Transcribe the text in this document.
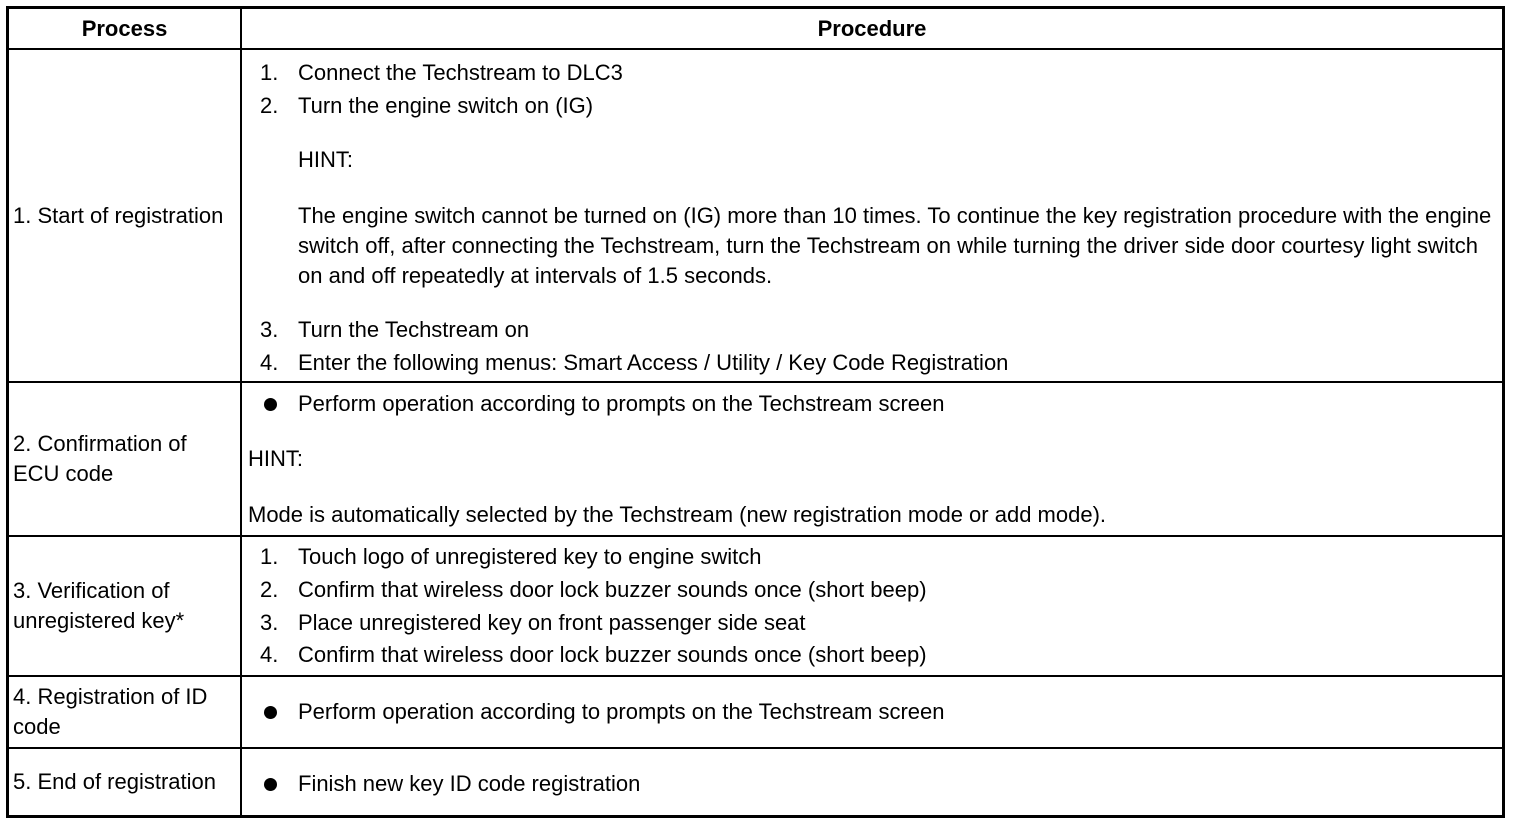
Process	Procedure
1. Start of registration
1. Connect the Techstream to DLC3
2. Turn the engine switch on (IG)
HINT:
The engine switch cannot be turned on (IG) more than 10 times. To continue the key registration procedure with the engine switch off, after connecting the Techstream, turn the Techstream on while turning the driver side door courtesy light switch on and off repeatedly at intervals of 1.5 seconds.
3. Turn the Techstream on
4. Enter the following menus: Smart Access / Utility / Key Code Registration
2. Confirmation of ECU code
Perform operation according to prompts on the Techstream screen
HINT:
Mode is automatically selected by the Techstream (new registration mode or add mode).
3. Verification of unregistered key*
1. Touch logo of unregistered key to engine switch
2. Confirm that wireless door lock buzzer sounds once (short beep)
3. Place unregistered key on front passenger side seat
4. Confirm that wireless door lock buzzer sounds once (short beep)
4. Registration of ID code
Perform operation according to prompts on the Techstream screen
5. End of registration	Finish new key ID code registration
